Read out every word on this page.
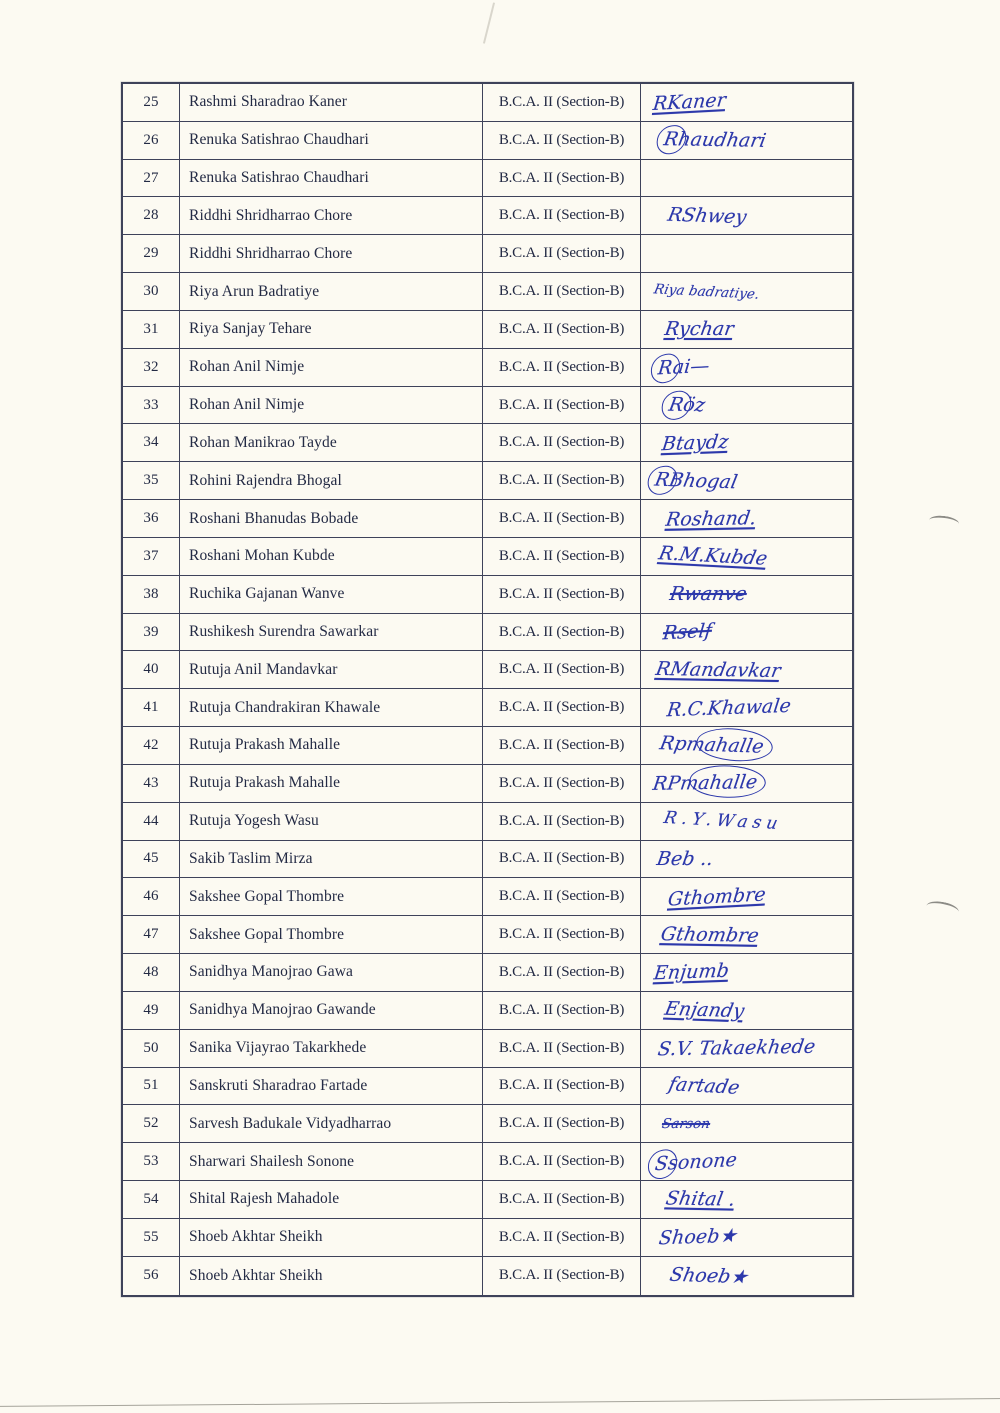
25	Rashmi Sharadrao Kaner	B.C.A. II (Section-B)	RKaner
26	Renuka Satishrao Chaudhari	B.C.A. II (Section-B)	Rhaudhari
27	Renuka Satishrao Chaudhari	B.C.A. II (Section-B)
28	Riddhi Shridharrao Chore	B.C.A. II (Section-B)	RShwey
29	Riddhi Shridharrao Chore	B.C.A. II (Section-B)
30	Riya Arun Badratiye	B.C.A. II (Section-B)	Riya badratiye.
31	Riya Sanjay Tehare	B.C.A. II (Section-B)	Rychar
32	Rohan Anil Nimje	B.C.A. II (Section-B)	Rai—
33	Rohan Anil Nimje	B.C.A. II (Section-B)	Röz
34	Rohan Manikrao Tayde	B.C.A. II (Section-B)	Btaydz
35	Rohini Rajendra Bhogal	B.C.A. II (Section-B)	RBhogal
36	Roshani Bhanudas Bobade	B.C.A. II (Section-B)	Roshand.
37	Roshani Mohan Kubde	B.C.A. II (Section-B)	R.M.Kubde
38	Ruchika Gajanan Wanve	B.C.A. II (Section-B)	Rwanve
39	Rushikesh Surendra Sawarkar	B.C.A. II (Section-B)	Rself
40	Rutuja Anil Mandavkar	B.C.A. II (Section-B)	RMandavkar
41	Rutuja Chandrakiran Khawale	B.C.A. II (Section-B)	R.C.Khawale
42	Rutuja Prakash Mahalle	B.C.A. II (Section-B)	Rpmahalle
43	Rutuja Prakash Mahalle	B.C.A. II (Section-B)	RPmahalle
44	Rutuja Yogesh Wasu	B.C.A. II (Section-B)	R.Y.Wasu
45	Sakib Taslim Mirza	B.C.A. II (Section-B)	Beb ..
46	Sakshee Gopal Thombre	B.C.A. II (Section-B)	Gthombre
47	Sakshee Gopal Thombre	B.C.A. II (Section-B)	Gthombre
48	Sanidhya Manojrao Gawa	B.C.A. II (Section-B)	Enjumb
49	Sanidhya Manojrao Gawande	B.C.A. II (Section-B)	Enjandy
50	Sanika Vijayrao Takarkhede	B.C.A. II (Section-B)	S.V. Takaekhede
51	Sanskruti Sharadrao Fartade	B.C.A. II (Section-B)	fartade
52	Sarvesh Badukale Vidyadharrao	B.C.A. II (Section-B)	Sarson
53	Sharwari Shailesh Sonone	B.C.A. II (Section-B)	Ssonone
54	Shital Rajesh Mahadole	B.C.A. II (Section-B)	Shital .
55	Shoeb Akhtar Sheikh	B.C.A. II (Section-B)	Shoeb★
56	Shoeb Akhtar Sheikh	B.C.A. II (Section-B)	Shoeb★
